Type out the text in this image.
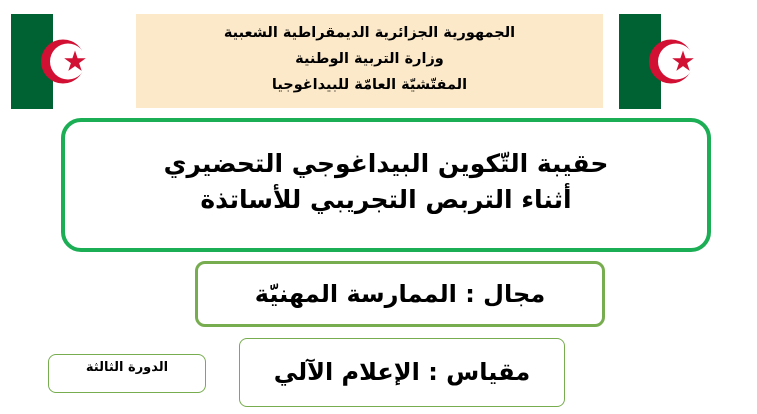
الجمهورية الجزائرية الديمقراطية الشعبية
وزارة التربية الوطنية
المفتّشيّة العامّة للبيداغوجيا
حقيبة التّكوين البيداغوجي التحضيري
أثناء التربص التجريبي للأساتذة
مجال : الممارسة المهنيّة
مقياس : الإعلام الآلي
الدورة الثالثة
